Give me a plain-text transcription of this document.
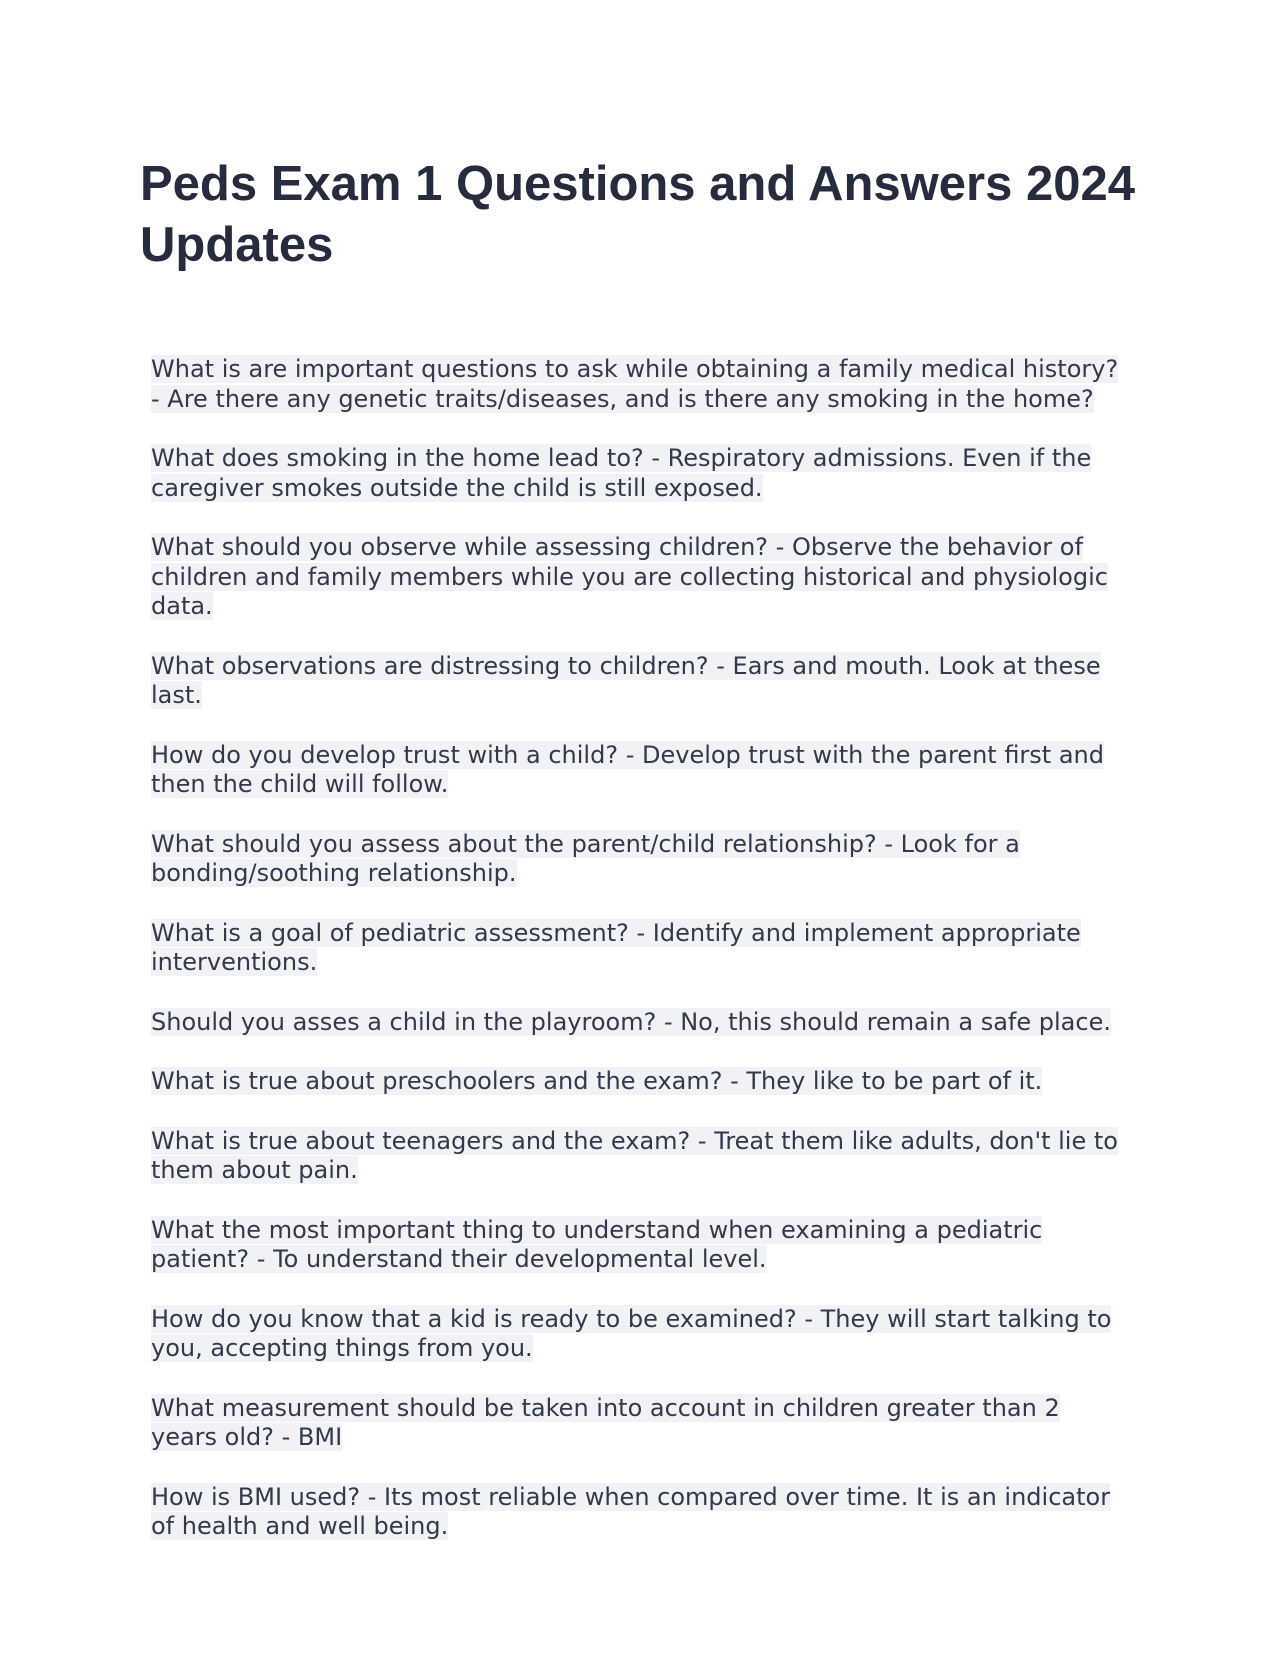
Peds Exam 1 Questions and Answers 2024 Updates
What is are important questions to ask while obtaining a family medical history? - Are there any genetic traits/diseases, and is there any smoking in the home?
What does smoking in the home lead to? - Respiratory admissions. Even if the caregiver smokes outside the child is still exposed.
What should you observe while assessing children? - Observe the behavior of children and family members while you are collecting historical and physiologic data.
What observations are distressing to children? - Ears and mouth. Look at these last.
How do you develop trust with a child? - Develop trust with the parent first and then the child will follow.
What should you assess about the parent/child relationship? - Look for a bonding/soothing relationship.
What is a goal of pediatric assessment? - Identify and implement appropriate interventions.
Should you asses a child in the playroom? - No, this should remain a safe place.
What is true about preschoolers and the exam? - They like to be part of it.
What is true about teenagers and the exam? - Treat them like adults, don't lie to them about pain.
What the most important thing to understand when examining a pediatric patient? - To understand their developmental level.
How do you know that a kid is ready to be examined? - They will start talking to you, accepting things from you.
What measurement should be taken into account in children greater than 2 years old? - BMI
How is BMI used? - Its most reliable when compared over time. It is an indicator of health and well being.
